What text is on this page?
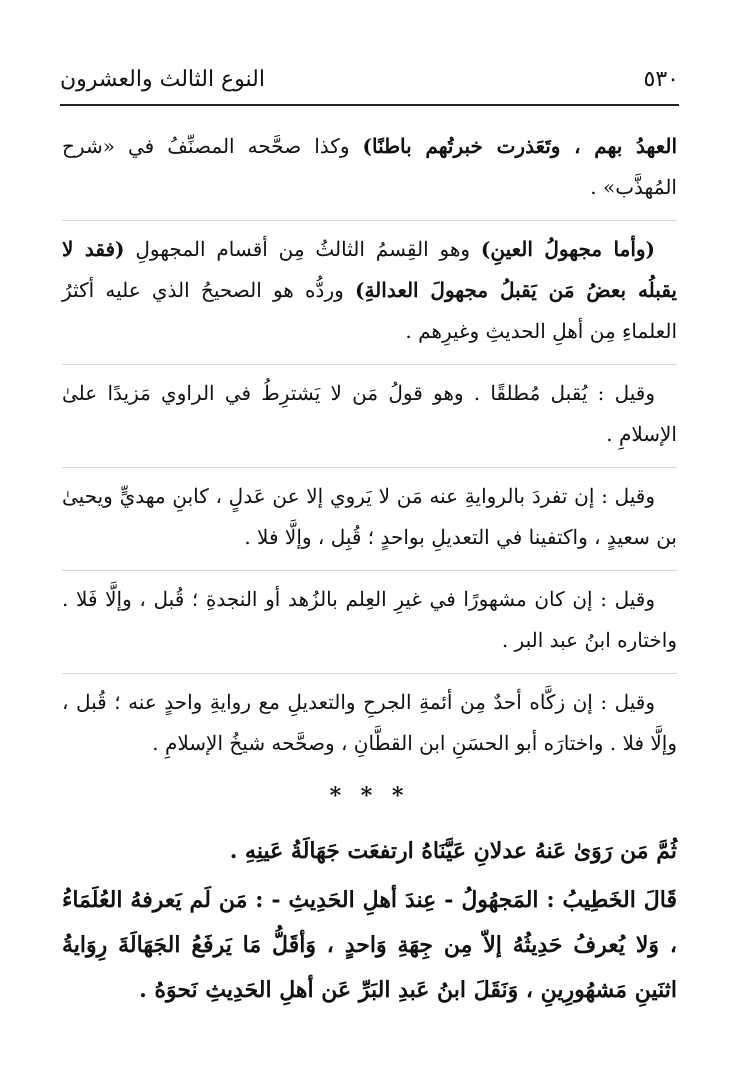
٥٣٠
النوع الثالث والعشرون

العهدُ بهم ، وتَعَذرت خبرتُهم باطنًا) وكذا صحَّحه المصنِّفُ في «شرح المُهذَّب» .

(وأما مجهولُ العينِ) وهو القِسمُ الثالثُ مِن أقسام المجهولِ (فقد لا يقبلُه بعضُ مَن يَقبلُ مجهولَ العدالةِ) وردُّه هو الصحيحُ الذي عليه أكثرُ العلماءِ مِن أهلِ الحديثِ وغيرِهم .

وقيل : يُقبل مُطلقًا . وهو قولُ مَن لا يَشترِطُ في الراوي مَزيدًا علىٰ الإسلامِ .

وقيل : إن تفردَ بالروايةِ عنه مَن لا يَروي إلا عن عَدلٍ ، كابنِ مهديٍّ ويحيىٰ بن سعيدٍ ، واكتفينا في التعديلِ بواحدٍ ؛ قُبِل ، وإلَّا فلا .

وقيل : إن كان مشهورًا في غيرِ العِلم بالزُهد أو النجدةِ ؛ قُبل ، وإلَّا فَلا . واختاره ابنُ عبد البر .

وقيل : إن زكَّاه أحدٌ مِن أئمةِ الجرحِ والتعديلِ مع روايةِ واحدٍ عنه ؛ قُبل ، وإلَّا فلا . واختارَه أبو الحسَنِ ابن القطَّانِ ، وصحَّحه شيخُ الإسلامِ .

* * *

ثُمَّ مَن رَوَىٰ عَنهُ عدلانِ عَيَّنَاهُ ارتفعَت جَهَالَةُ عَينِهِ .

قَالَ الخَطِيبُ : المَجهُولُ - عِندَ أهلِ الحَدِيثِ - : مَن لَم يَعرفهُ العُلَمَاءُ ، وَلا يُعرفُ حَدِيثُهُ إلاّ مِن جِهَةِ وَاحدٍ ، وَأقَلُّ مَا يَرفَعُ الجَهَالَةَ رِوَايةُ اثنَينِ مَشهُورِينِ ، وَنَقَلَ ابنُ عَبدِ البَرِّ عَن أهلِ الحَدِيثِ نَحوَهُ .
